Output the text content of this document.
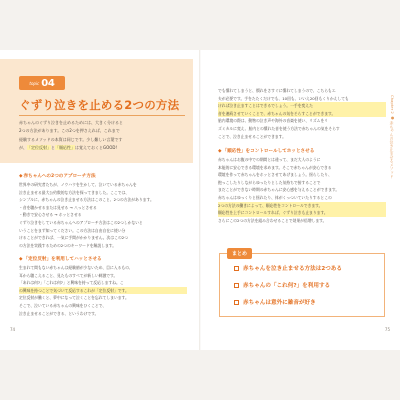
topic 04
ぐずり泣きを止める2つの方法
赤ちゃんのぐずり泣きを止めるためには、大きく分けると
2つの方法があります。この2つを押さえれば、これまで
経験するメソッドの本質は同じです。少し難しい言葉です
が、「定位反射」と「順応性」は覚えておくとGOOD!
◆赤ちゃんへの2つのアプローチ方法
世界中の研究者たちが、ノウハウを生かして、泣いている赤ちゃんを
泣き止ませる最大公約数的な方法を探ってきました。ここでは、
シンプルに、赤ちゃんの泣き止ませる方法はこのこと、2つの方法があります。
・音を聴かせるまたは見せる → 八っとさせる
・動きで安心させる → ホッとさせる
ぐずり泣きをしている赤ちゃんへのアプローチ方法はこの2つしかないと
いうことをまず知ってください。この方法は自由自在に使い分
けることができれば、一気に手間がかかりません。次はこの2つ
の方法を実践するための2つのキーワードを解説します。
◆「定位反射」を利用してハッとさせる
生まれて間もない赤ちゃんは経験値が少ないため、目に入るもの、
耳から聴こえること、見たものすべてが新しい刺激です。
「あれは何?」「これは何?」と興味を持って反応しますね。こ
の興味を持つことで気づいて反応するこれが「定位反射」です。
定位反射が働くと、夢中になって泣くことを忘れてしまいます。
そこで、泣いている赤ちゃんの興味をひくことで、
泣き止ませることができる、というわけです。
74
でも慣れてしまうと、慣れをさすぐに慣れてしまうので、こちらもエ
夫が必要です。手をたたくだけでも、10回も、いいえ20回もくりかえしても
ければ泣き止ますことはできるでしょう。一手を変えた
音を連続させていくことで、赤ちゃんの気をそらすことができます。
胎内環境の際は、動物の泣き声や海外の音楽を使い、リズムをリ
ズミカルに変え、胎内との慣れた音を使う方法で赤ちゃんの気をそらす
ことで、泣き止ませることができます。
◆「順応性」をコントロールしてホッとさせる
赤ちゃんはお腹の中での期間とは違って、まだ大人のように
本能的に安心できる環境を求めます。そこで赤ちゃんが安心できる
環境を作って赤ちゃんをホッとさせてあげましょう。揺らしたり、
抱っこしたりしながらゆったりとした気持ちで接することで
まだことができない時期の赤ちゃんに安心感を与えることができます。
赤ちゃんはゆっくりと揺れたり、体がくっついていたりするとこの
2つの方法の働きによって、順応性をコントロールできます。
順応性を上手にコントロールすれば、ぐずり泣きも止まります。
さらにこの2つの方法を組み合わせることで効果が倍増します。
まとめ
赤ちゃんを泣き止ませる方法は2つある
赤ちゃんの「これ何?」を利用する
赤ちゃんは意外に雑音が好き
Chapter 2 ● 赤ちゃんの泣き止ませるメソッド
75
